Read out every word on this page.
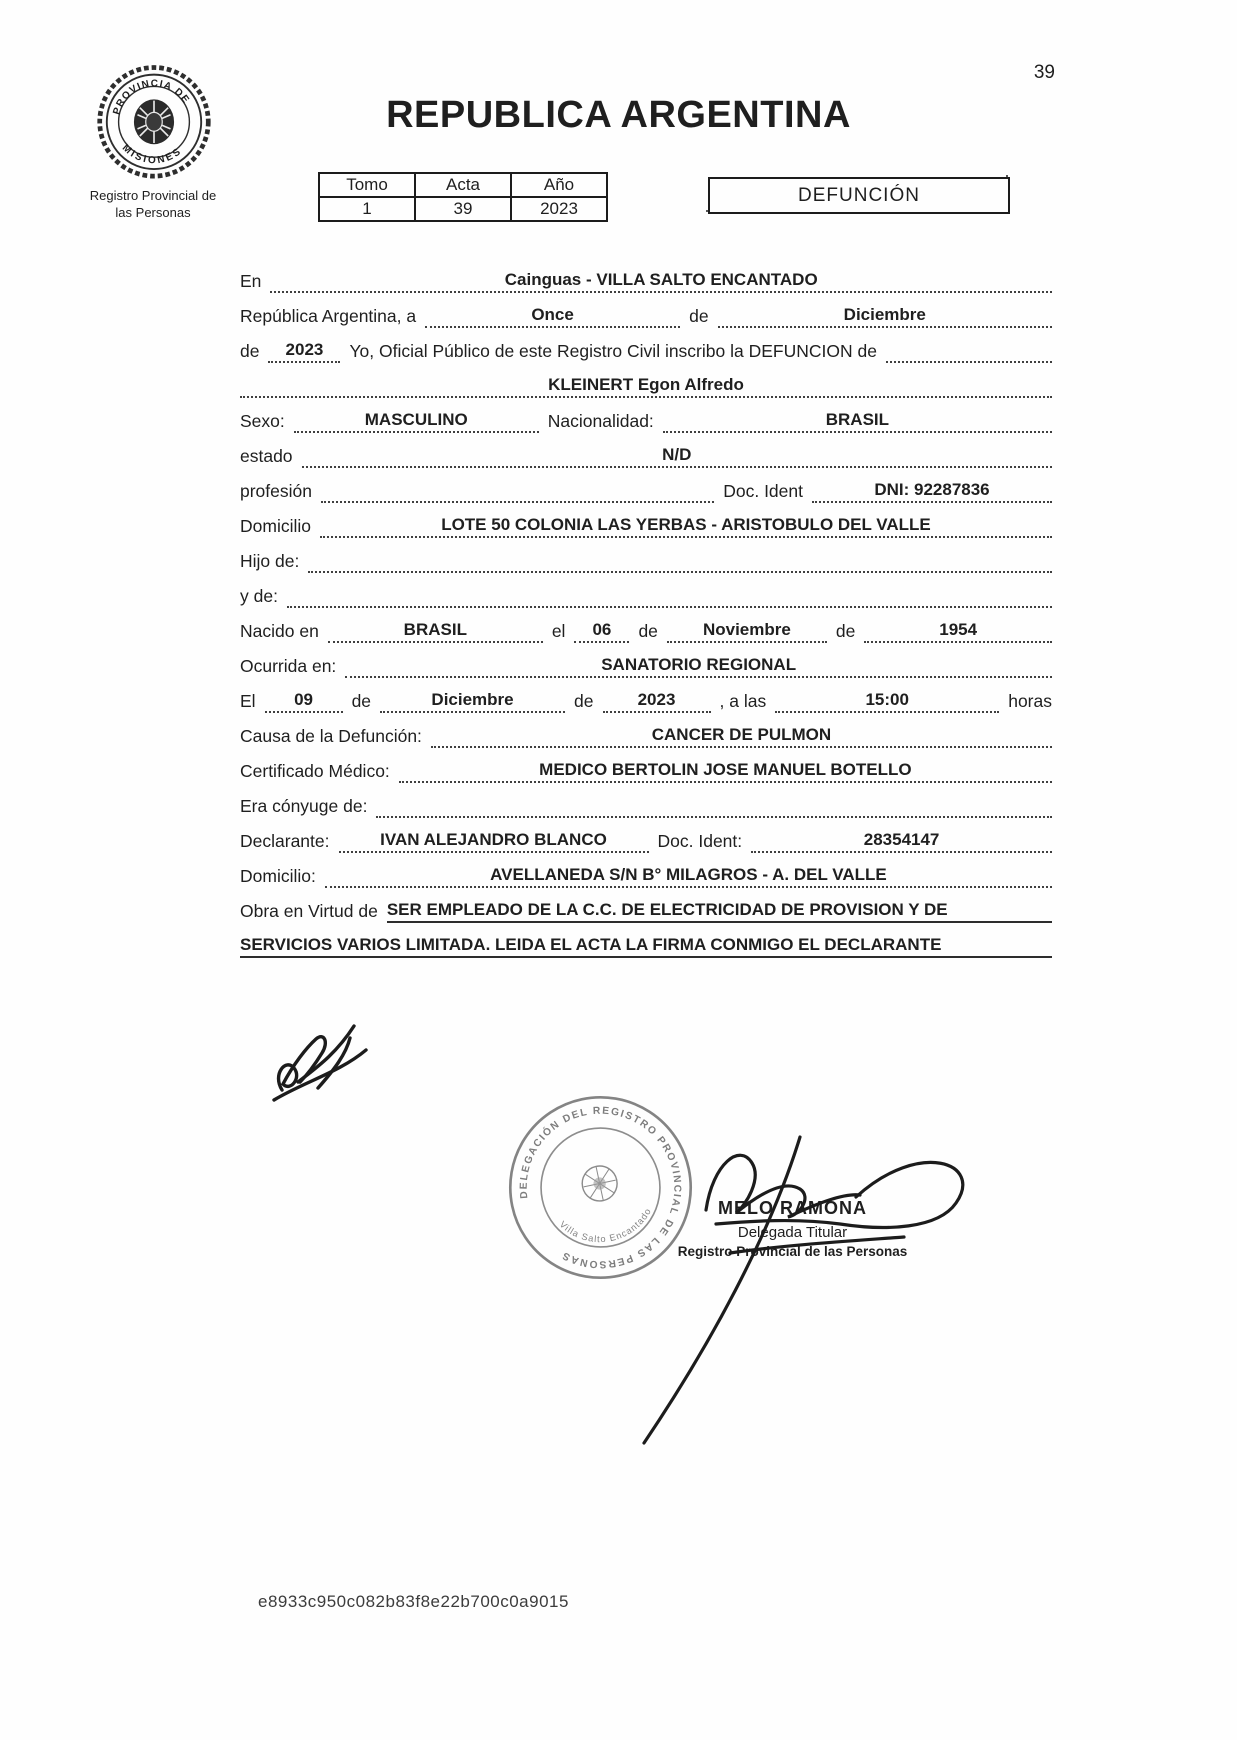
39
PROVINCIA DE
MISIONES
Registro Provincial de
las Personas
REPUBLICA ARGENTINA
Tomo	Acta	Año
1	39	2023
DEFUNCIÓN
En	Cainguas - VILLA SALTO ENCANTADO
República Argentina, a	Once	de	Diciembre
de	2023	Yo, Oficial Público de este Registro Civil inscribo la DEFUNCION de
KLEINERT Egon Alfredo
Sexo:	MASCULINO	Nacionalidad:	BRASIL
estado	N/D
profesión	Doc. Ident	DNI: 92287836
Domicilio	LOTE 50 COLONIA LAS YERBAS - ARISTOBULO DEL VALLE
Hijo de:
y de:
Nacido en	BRASIL	el	06	de	Noviembre	de	1954
Ocurrida en:	SANATORIO REGIONAL
El	09	de	Diciembre	de	2023	, a las	15:00	horas
Causa de la Defunción:	CANCER DE PULMON
Certificado Médico:	MEDICO BERTOLIN JOSE MANUEL BOTELLO
Era cónyuge de:
Declarante:	IVAN ALEJANDRO BLANCO	Doc. Ident:	28354147
Domicilio:	AVELLANEDA S/N B° MILAGROS - A. DEL VALLE
Obra en Virtud de SER EMPLEADO DE LA C.C. DE ELECTRICIDAD DE PROVISION Y DE
SERVICIOS VARIOS LIMITADA. LEIDA EL ACTA LA FIRMA CONMIGO EL DECLARANTE
DELEGACIÓN DEL REGISTRO PROVINCIAL DE LAS PERSONAS
Villa Salto Encantado	MELO RAMONA
Delegada Titular
Registro Provincial de las Personas
e8933c950c082b83f8e22b700c0a9015
